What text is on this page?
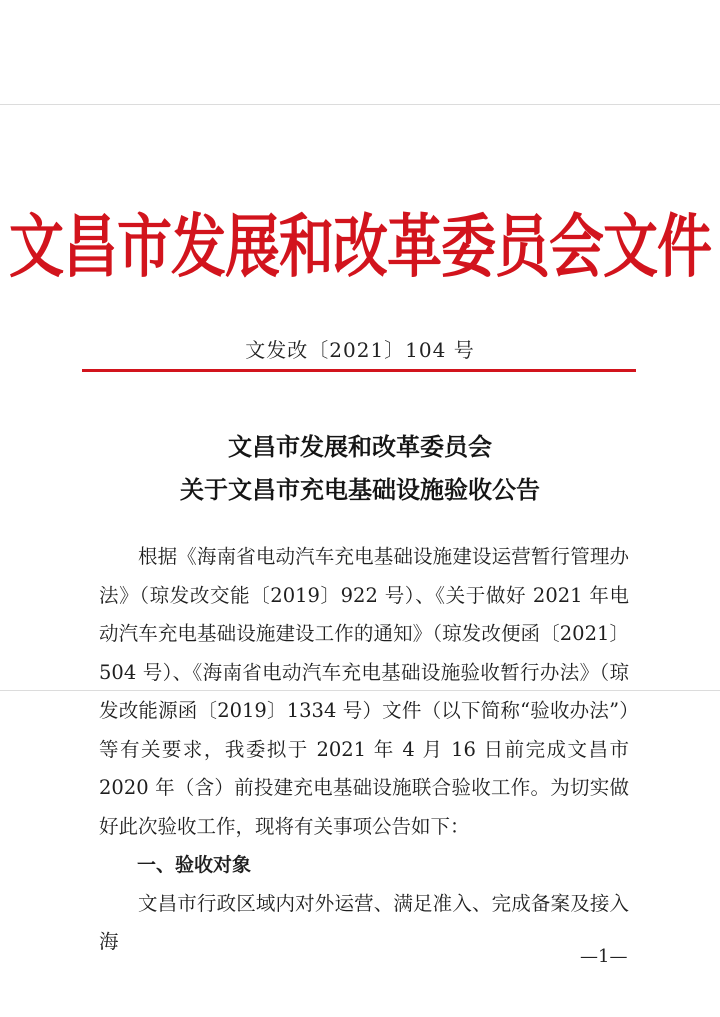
文昌市发展和改革委员会文件
文发改〔2021〕104 号
文昌市发展和改革委员会
关于文昌市充电基础设施验收公告

根据《海南省电动汽车充电基础设施建设运营暂行管理办法》（琼发改交能〔2019〕922 号）、《关于做好 2021 年电动汽车充电基础设施建设工作的通知》（琼发改便函〔2021〕504 号）、《海南省电动汽车充电基础设施验收暂行办法》（琼发改能源函〔2019〕1334 号）文件（以下简称“验收办法”）等有关要求，我委拟于 2021 年 4 月 16 日前完成文昌市 2020 年（含）前投建充电基础设施联合验收工作。为切实做好此次验收工作，现将有关事项公告如下：

一、验收对象

文昌市行政区域内对外运营、满足准入、完成备案及接入海

—1—
